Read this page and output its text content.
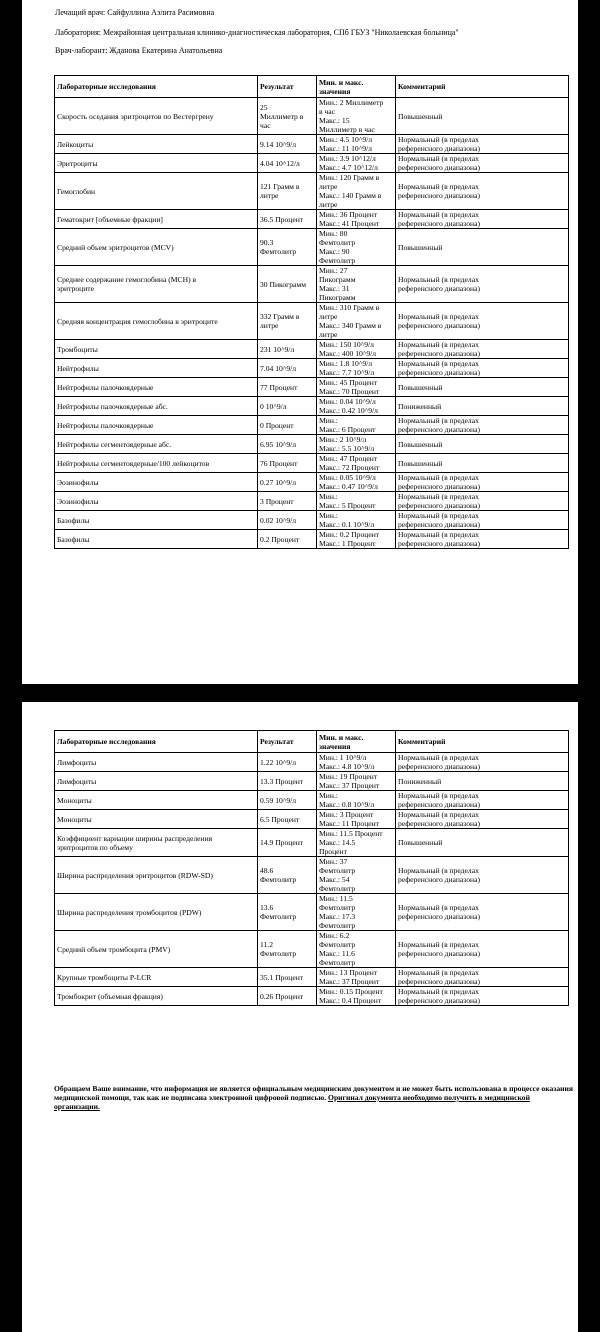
Лечащий врач: Сайфуллина Аэлита Расимовна
Лаборатория: Межрайонная центральная клинико-диагностическая лаборатория, СПб ГБУЗ "Николаевская больница"
Врач-лаборант: Жданова Екатерина Анатольевна
Лабораторные исследования	Результат	Мин. и макс.
значения	Комментарий
Скорость оседания эритроцитов по Вестергрену	25
Миллиметр в
час	Мин.: 2 Миллиметр
в час
Макс.: 15
Миллиметр в час	Повышенный
Лейкоциты	9.14 10^9/л	Мин.: 4.5 10^9/л
Макс.: 11 10^9/л	Нормальный (в пределах
референсного диапазона)
Эритроциты	4.04 10^12/л	Мин.: 3.9 10^12/л
Макс.: 4.7 10^12/л	Нормальный (в пределах
референсного диапазона)
Гемоглобин	121 Грамм в
литре	Мин.: 120 Грамм в
литре
Макс.: 140 Грамм в
литре	Нормальный (в пределах
референсного диапазона)
Гематокрит [объемные фракции]	36.5 Процент	Мин.: 36 Процент
Макс.: 41 Процент	Нормальный (в пределах
референсного диапазона)
Средний объем эритроцитов (MCV)	90.3
Фемтолитр	Мин.: 80
Фемтолитр
Макс.: 90
Фемтолитр	Повышенный
Среднее содержание гемоглобина (MCH) в
эритроците	30 Пикограмм	Мин.: 27
Пикограмм
Макс.: 31
Пикограмм	Нормальный (в пределах
референсного диапазона)
Средняя концентрация гемоглобина в эритроците	332 Грамм в
литре	Мин.: 310 Грамм в
литре
Макс.: 340 Грамм в
литре	Нормальный (в пределах
референсного диапазона)
Тромбоциты	231 10^9/л	Мин.: 150 10^9/л
Макс.: 400 10^9/л	Нормальный (в пределах
референсного диапазона)
Нейтрофилы	7.04 10^9/л	Мин.: 1.8 10^9/л
Макс.: 7.7 10^9/л	Нормальный (в пределах
референсного диапазона)
Нейтрофилы палочкоядерные	77 Процент	Мин.: 45 Процент
Макс.: 70 Процент	Повышенный
Нейтрофилы палочкоядерные абс.	0 10^9/л	Мин.: 0.04 10^9/л
Макс.: 0.42 10^9/л	Пониженный
Нейтрофилы палочкоядерные	0 Процент	Мин.:
Макс.: 6 Процент	Нормальный (в пределах
референсного диапазона)
Нейтрофилы сегментоядерные абс.	6.95 10^9/л	Мин.: 2 10^9/л
Макс.: 5.5 10^9/л	Повышенный
Нейтрофилы сегментоядерные/100 лейкоцитов	76 Процент	Мин.: 47 Процент
Макс.: 72 Процент	Повышенный
Эозинофилы	0.27 10^9/л	Мин.: 0.05 10^9/л
Макс.: 0.47 10^9/л	Нормальный (в пределах
референсного диапазона)
Эозинофилы	3 Процент	Мин.:
Макс.: 5 Процент	Нормальный (в пределах
референсного диапазона)
Базофилы	0.02 10^9/л	Мин.:
Макс.: 0.1 10^9/л	Нормальный (в пределах
референсного диапазона)
Базофилы	0.2 Процент	Мин.: 0.2 Процент
Макс.: 1 Процент	Нормальный (в пределах
референсного диапазона)
Лабораторные исследования	Результат	Мин. и макс.
значения	Комментарий
Лимфоциты	1.22 10^9/л	Мин.: 1 10^9/л
Макс.: 4.8 10^9/л	Нормальный (в пределах
референсного диапазона)
Лимфоциты	13.3 Процент	Мин.: 19 Процент
Макс.: 37 Процент	Пониженный
Моноциты	0.59 10^9/л	Мин.:
Макс.: 0.8 10^9/л	Нормальный (в пределах
референсного диапазона)
Моноциты	6.5 Процент	Мин.: 3 Процент
Макс.: 11 Процент	Нормальный (в пределах
референсного диапазона)
Коэффициент вариации ширины распределения
эритроцитов по объему	14.9 Процент	Мин.: 11.5 Процент
Макс.: 14.5
Процент	Повышенный
Ширина распределения эритроцитов (RDW-SD)	48.6
Фемтолитр	Мин.: 37
Фемтолитр
Макс.: 54
Фемтолитр	Нормальный (в пределах
референсного диапазона)
Ширина распределения тромбоцитов (PDW)	13.6
Фемтолитр	Мин.: 11.5
Фемтолитр
Макс.: 17.3
Фемтолитр	Нормальный (в пределах
референсного диапазона)
Средний объем тромбоцита (PMV)	11.2
Фемтолитр	Мин.: 6.2
Фемтолитр
Макс.: 11.6
Фемтолитр	Нормальный (в пределах
референсного диапазона)
Крупные тромбоциты P-LCR	35.1 Процент	Мин.: 13 Процент
Макс.: 37 Процент	Нормальный (в пределах
референсного диапазона)
Тромбокрит (объемная фракция)	0.26 Процент	Мин.: 0.15 Процент
Макс.: 0.4 Процент	Нормальный (в пределах
референсного диапазона)
Обращаем Ваше внимание, что информация не является официальным медицинским документом и не может быть использована в процессе оказания медицинской помощи, так как не подписана электронной цифровой подписью. Оригинал документа необходимо получить в медицинской организации.
